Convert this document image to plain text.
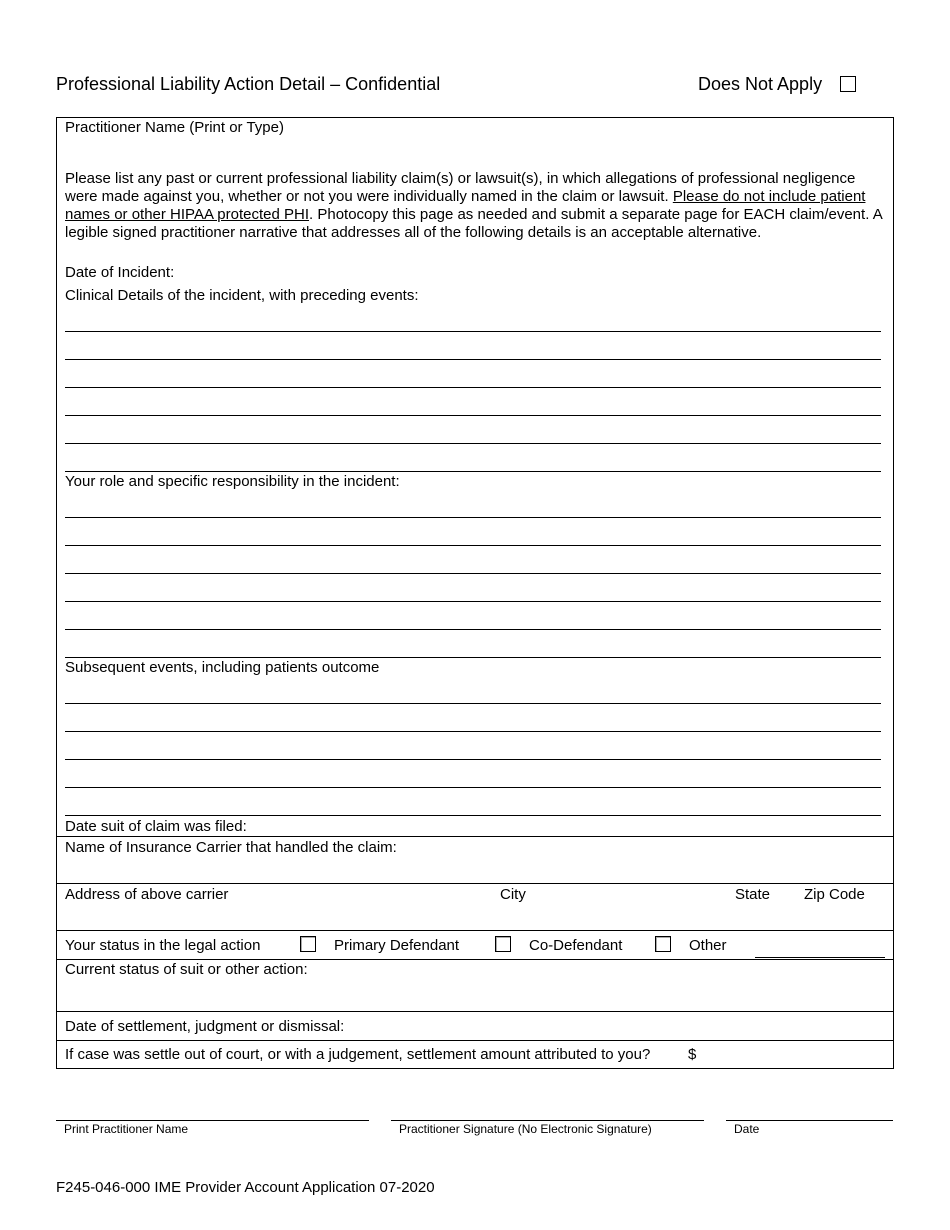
Professional Liability Action Detail – Confidential	Does Not Apply
Practitioner Name (Print or Type)
Please list any past or current professional liability claim(s) or lawsuit(s), in which allegations of professional negligence were made against you, whether or not you were individually named in the claim or lawsuit. Please do not include patient names or other HIPAA protected PHI. Photocopy this page as needed and submit a separate page for EACH claim/event. A legible signed practitioner narrative that addresses all of the following details is an acceptable alternative.
Date of Incident:
Clinical Details of the incident, with preceding events:
Your role and specific responsibility in the incident:
Subsequent events, including patients outcome
Date suit of claim was filed:
Name of Insurance Carrier that handled the claim:
Address of above carrier	City	State Zip Code
Your status in the legal action	Primary Defendant	Co-Defendant	Other
Current status of suit or other action:
Date of settlement, judgment or dismissal:
If case was settle out of court, or with a judgement, settlement amount attributed to you?	$
Print Practitioner Name	Practitioner Signature (No Electronic Signature)	Date
F245-046-000 IME Provider Account Application 07-2020
